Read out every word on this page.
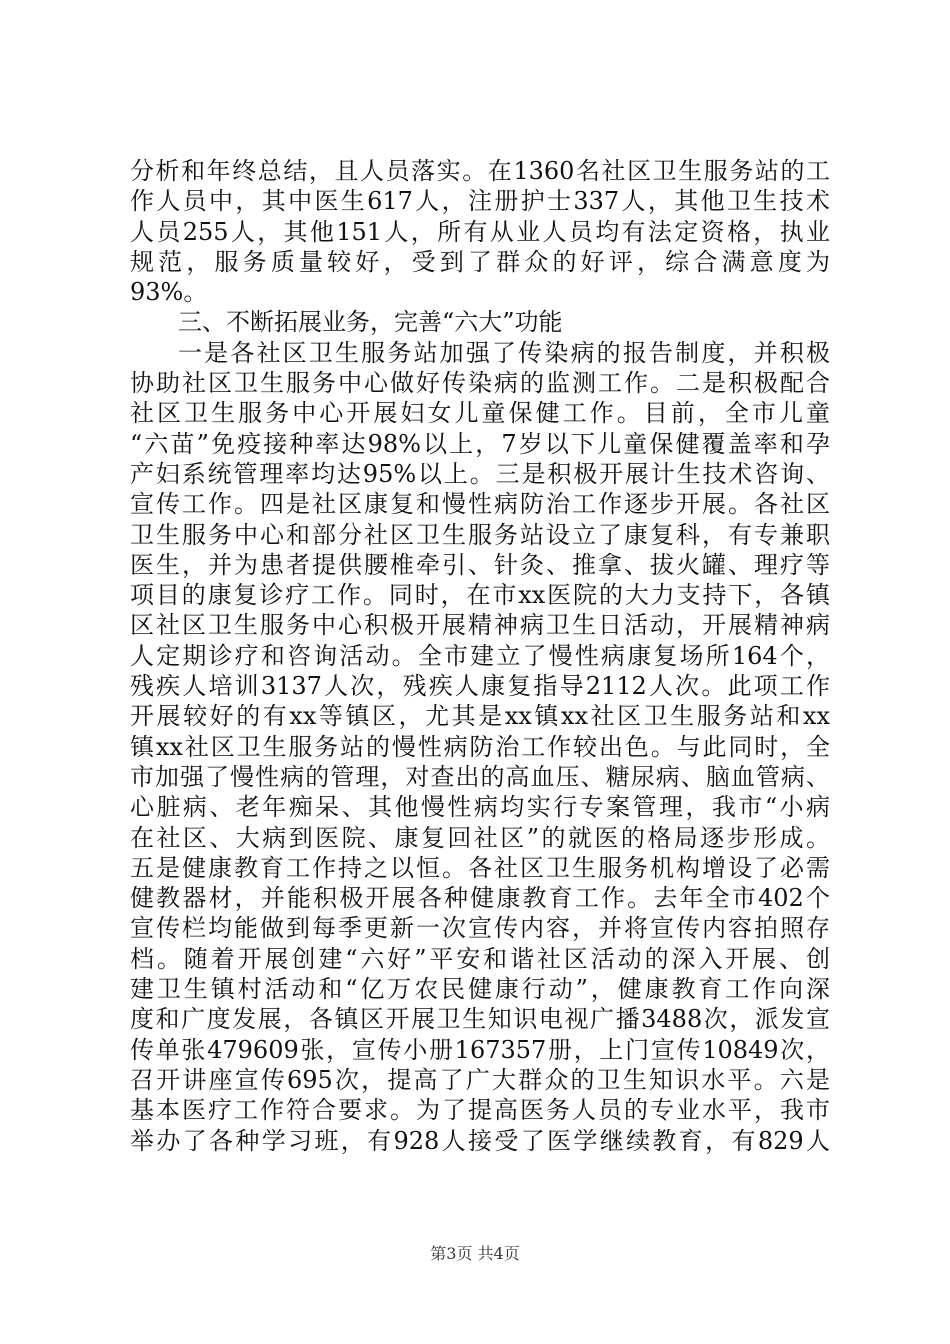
分析和年终总结，且人员落实。在1360名社区卫生服务站的工
作人员中，其中医生617人，注册护士337人，其他卫生技术
人员255人，其他151人，所有从业人员均有法定资格，执业
规范，服务质量较好，受到了群众的好评，综合满意度为
93%。
三、不断拓展业务，完善“六大”功能
一是各社区卫生服务站加强了传染病的报告制度，并积极
协助社区卫生服务中心做好传染病的监测工作。二是积极配合
社区卫生服务中心开展妇女儿童保健工作。目前，全市儿童
“六苗”免疫接种率达98%以上，7岁以下儿童保健覆盖率和孕
产妇系统管理率均达95%以上。三是积极开展计生技术咨询、
宣传工作。四是社区康复和慢性病防治工作逐步开展。各社区
卫生服务中心和部分社区卫生服务站设立了康复科，有专兼职
医生，并为患者提供腰椎牵引、针灸、推拿、拔火罐、理疗等
项目的康复诊疗工作。同时，在市xx医院的大力支持下，各镇
区社区卫生服务中心积极开展精神病卫生日活动，开展精神病
人定期诊疗和咨询活动。全市建立了慢性病康复场所164个，
残疾人培训3137人次，残疾人康复指导2112人次。此项工作
开展较好的有xx等镇区，尤其是xx镇xx社区卫生服务站和xx
镇xx社区卫生服务站的慢性病防治工作较出色。与此同时，全
市加强了慢性病的管理，对查出的高血压、糖尿病、脑血管病、
心脏病、老年痴呆、其他慢性病均实行专案管理，我市“小病
在社区、大病到医院、康复回社区”的就医的格局逐步形成。
五是健康教育工作持之以恒。各社区卫生服务机构增设了必需
健教器材，并能积极开展各种健康教育工作。去年全市402个
宣传栏均能做到每季更新一次宣传内容，并将宣传内容拍照存
档。随着开展创建“六好”平安和谐社区活动的深入开展、创
建卫生镇村活动和“亿万农民健康行动”，健康教育工作向深
度和广度发展，各镇区开展卫生知识电视广播3488次，派发宣
传单张479609张，宣传小册167357册，上门宣传10849次，
召开讲座宣传695次，提高了广大群众的卫生知识水平。六是
基本医疗工作符合要求。为了提高医务人员的专业水平，我市
举办了各种学习班，有928人接受了医学继续教育，有829人
第3页 共4页
